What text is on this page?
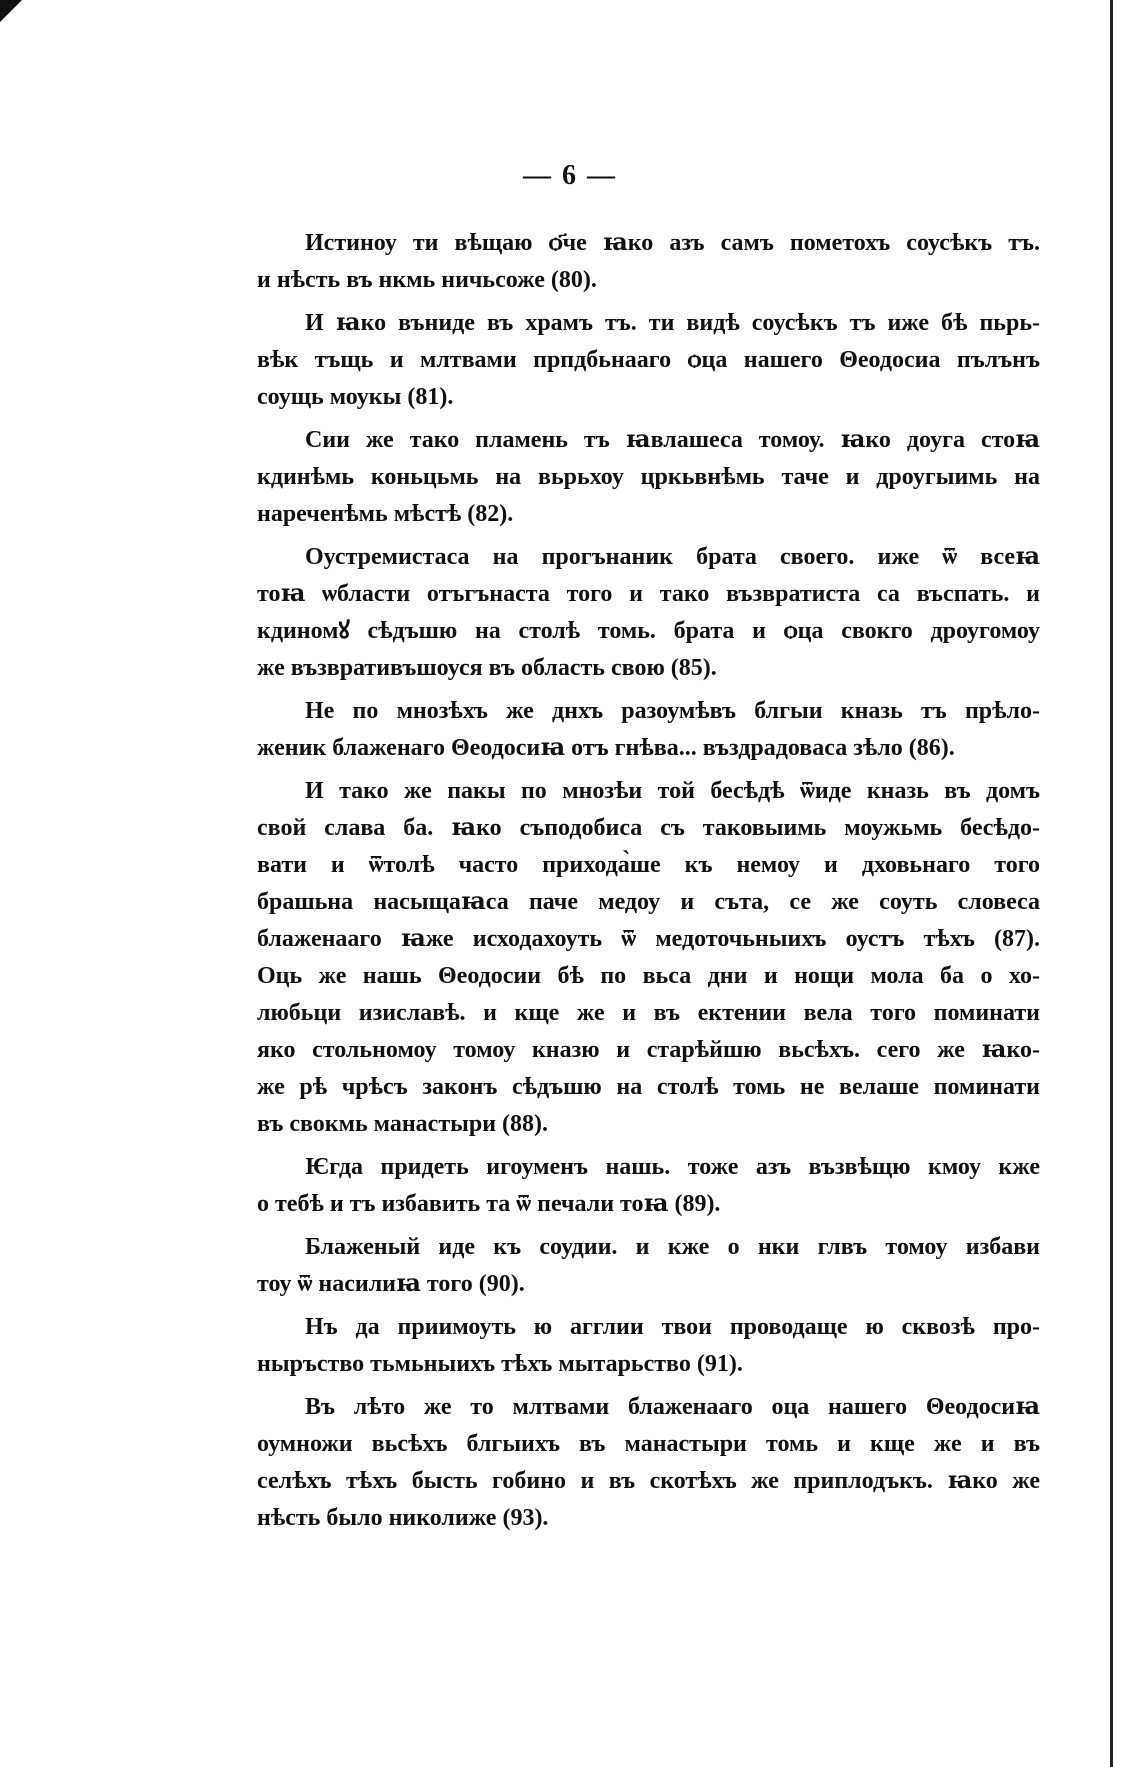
— 6 —
Истиноу ти вѣщаю ѻ҃че ꙗко азъ самъ пометохъ соусѣкъ тъ.
и нѣсть въ нкмь ничьсоже (80).
И ꙗко въниде въ храмъ тъ. ти видѣ соусѣкъ тъ иже бѣ пьрь-
вѣк тъщь и млтвами прпдбьнааго ѻца нашего Θеодосиа пълънъ
соущь моукы (81).
Сии же тако пламень тъ ꙗвлашеса томоу. ꙗко доуга стоꙗ
кдинѣмь коньцьмь на вьрьхоу цркьвнѣмь таче и дроугыимь на
нареченѣмь мѣстѣ (82).
Оустремистаса на прогънаник брата своего. иже ѿ всеꙗ
тоꙗ ѡбласти отъгънаста того и тако възвратиста са въспать. и
кдиномꙋ сѣдъшю на столѣ томь. брата и ѻца свокго дроугомоу
же възвративъшоуся въ область свою (85).
Не по мнозѣхъ же днхъ разоумѣвъ блгыи кназь тъ прѣло-
женик блаженаго Θеодосиꙗ отъ гнѣва... въздрадоваса зѣло (86).
И тако же пакы по мнозѣи той бесѣдѣ ѿиде кназь въ домъ
свой слава ба. ꙗко съподобиса съ таковыимь моужьмь бесѣдо-
вати и ѿтолѣ часто прихода̀ше къ немоу и дховьнаго того
брашьна насыщаꙗса паче медоу и съта, се же соуть словеса
блаженааго ꙗже исходахоуть ѿ медоточьныихъ оустъ тѣхъ (87).
Оць же нашь Θеодосии бѣ по вьса дни и нощи мола ба о хо-
любьци изиславѣ. и кще же и въ ектении вела того поминати
яко стольномоу томоу кназю и старѣйшю вьсѣхъ. сего же ꙗко-
же рѣ чрѣсъ законъ сѣдъшю на столѣ томь не велаше поминати
въ свокмь манастыри (88).
Ѥгда придеть игоуменъ нашь. тоже азъ възвѣщю кмоу кже
о тебѣ и тъ избавить та ѿ печали тоꙗ (89).
Блаженый иде къ соудии. и кже о нки глвъ томоу избави
тоу ѿ насилиꙗ того (90).
Нъ да приимоуть ю агглии твои проводаще ю сквозѣ про-
ныръство тьмьныихъ тѣхъ мытарьство (91).
Въ лѣто же то млтвами блаженааго оца нашего Θеодосиꙗ
оумножи вьсѣхъ блгыихъ въ манастыри томь и кще же и въ
селѣхъ тѣхъ бысть гобино и въ скотѣхъ же приплодъкъ. ꙗко же
нѣсть было николиже (93).
